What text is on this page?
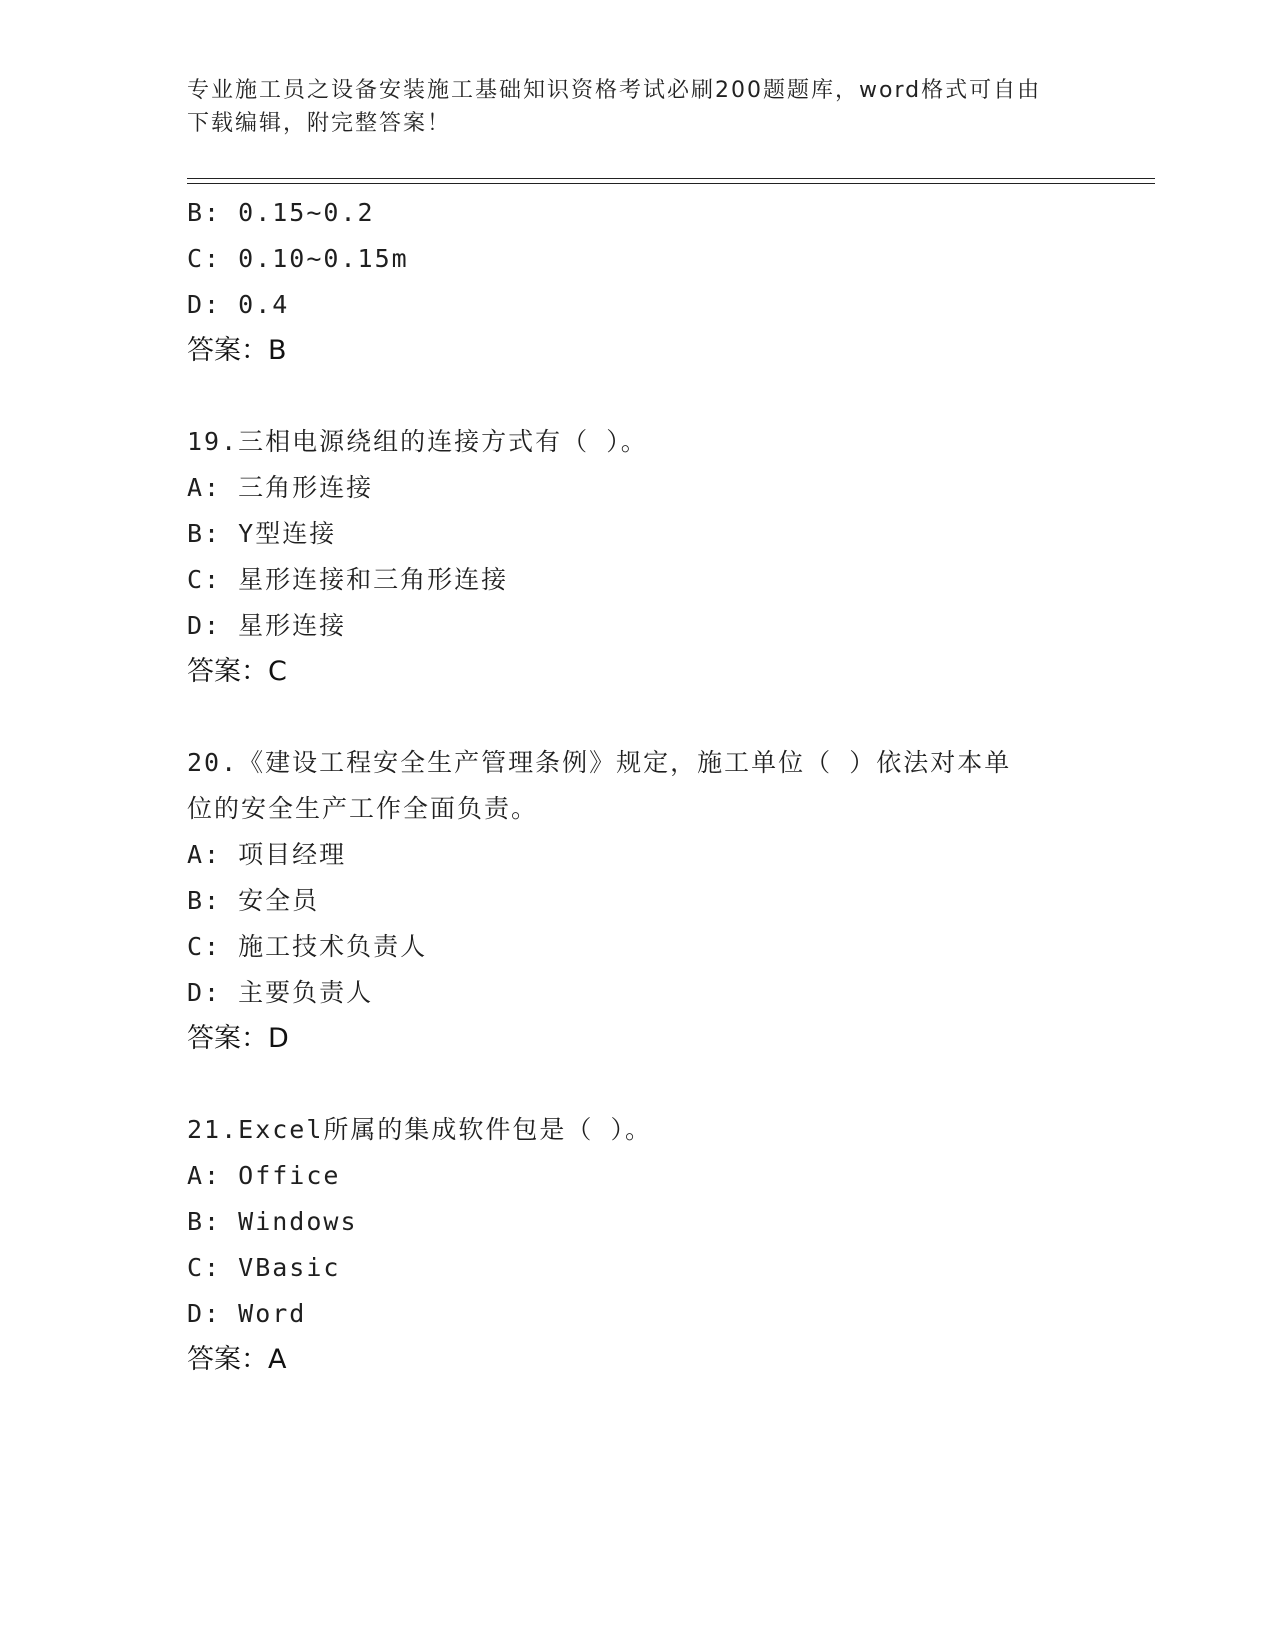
专业施工员之设备安装施工基础知识资格考试必刷200题题库，word格式可自由
下载编辑，附完整答案！
B: 0.15~0.2
C: 0.10~0.15m
D: 0.4
答案：B
19.三相电源绕组的连接方式有（ ）。
A: 三角形连接
B: Y型连接
C: 星形连接和三角形连接
D: 星形连接
答案：C
20.《建设工程安全生产管理条例》规定，施工单位（ ）依法对本单
位的安全生产工作全面负责。
A: 项目经理
B: 安全员
C: 施工技术负责人
D: 主要负责人
答案：D
21.Excel所属的集成软件包是（ ）。
A: Office
B: Windows
C: VBasic
D: Word
答案：A
